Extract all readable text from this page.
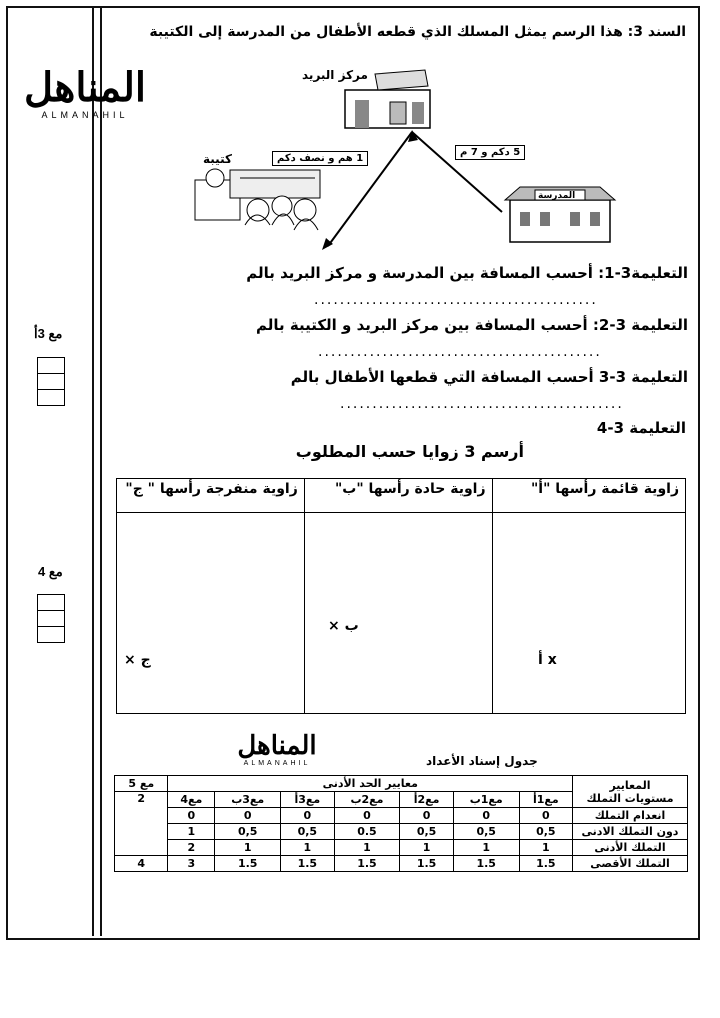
المناهل
ALMANAHIL
مع 3أ
مع 4
السند 3: هذا الرسم يمثل المسلك الذي قطعه الأطفال من المدرسة إلى الكتيبة
مركز البريد
كتيبة
المدرسة
1 هم و نصف دكم
5 دكم و 7 م
التعليمة3-1: أحسب المسافة بين المدرسة و مركز البريد بالم
............................................
التعليمة 3-2: أحسب المسافة بين مركز البريد و الكتيبة بالم
............................................
التعليمة 3-3 أحسب المسافة التي قطعها الأطفال بالم
............................................
التعليمة 3-4
أرسم 3 زوايا حسب المطلوب
زاوية منفرجة رأسها " ج"	زاوية حادة رأسها "ب"	زاوية قائمة رأسها "أ"

ج ×
ب ×
x أ
المناهل
ALMANAHIL	جدول إسناد الأعداد
المعايير
مستويات التملك	معايير الحد الأدنى							مع 5
	مع1أ	مع1ب	مع2أ	مع2ب	مع3أ	مع3ب	مع4	2
انعدام التملك	0	0	0	0	0	0	0	
دون التملك الادنى	0,5	0,5	0,5	0.5	0,5	0,5	1	
التملك الأدنى	1	1	1	1	1	1	2	
التملك الأقصى	1.5	1.5	1.5	1.5	1.5	1.5	3	4
